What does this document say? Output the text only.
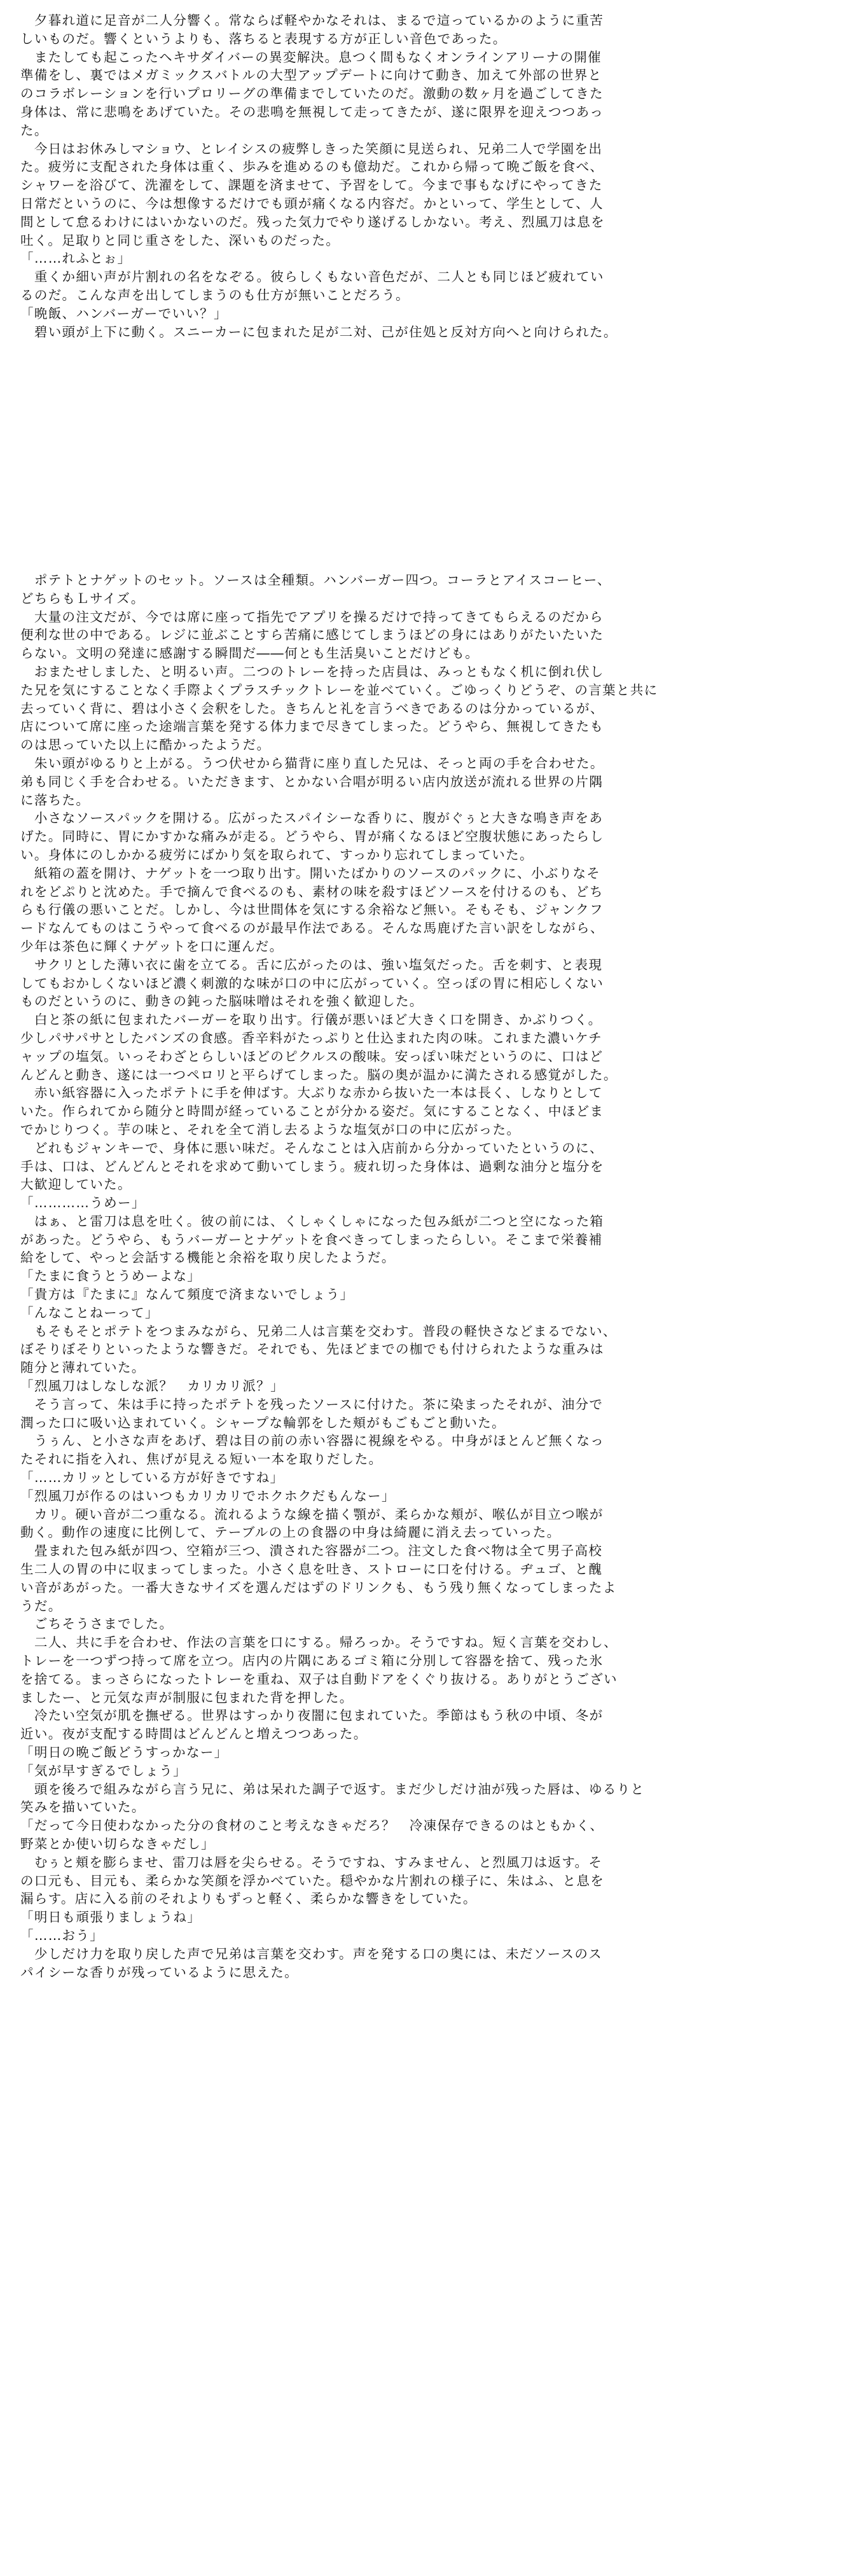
　夕暮れ道に足音が二人分響く。常ならば軽やかなそれは、まるで這っているかのように重苦
しいものだ。響くというよりも、落ちると表現する方が正しい音色であった。
　またしても起こったヘキサダイバーの異変解決。息つく間もなくオンラインアリーナの開催
準備をし、裏ではメガミックスバトルの大型アップデートに向けて動き、加えて外部の世界と
のコラボレーションを行いプロリーグの準備までしていたのだ。激動の数ヶ月を過ごしてきた
身体は、常に悲鳴をあげていた。その悲鳴を無視して走ってきたが、遂に限界を迎えつつあっ
た。
　今日はお休みしマショウ、とレイシスの疲弊しきった笑顔に見送られ、兄弟二人で学園を出
た。疲労に支配された身体は重く、歩みを進めるのも億劫だ。これから帰って晩ご飯を食べ、
シャワーを浴びて、洗濯をして、課題を済ませて、予習をして。今まで事もなげにやってきた
日常だというのに、今は想像するだけでも頭が痛くなる内容だ。かといって、学生として、人
間として怠るわけにはいかないのだ。残った気力でやり遂げるしかない。考え、烈風刀は息を
吐く。足取りと同じ重さをした、深いものだった。
「……れふとぉ」
　重くか細い声が片割れの名をなぞる。彼らしくもない音色だが、二人とも同じほど疲れてい
るのだ。こんな声を出してしまうのも仕方が無いことだろう。
「晩飯、ハンバーガーでいい？」
　碧い頭が上下に動く。スニーカーに包まれた足が二対、己が住処と反対方向へと向けられた。
　ポテトとナゲットのセット。ソースは全種類。ハンバーガー四つ。コーラとアイスコーヒー、
どちらもＬサイズ。
　大量の注文だが、今では席に座って指先でアプリを操るだけで持ってきてもらえるのだから
便利な世の中である。レジに並ぶことすら苦痛に感じてしまうほどの身にはありがたいたいた
らない。文明の発達に感謝する瞬間だ――何とも生活臭いことだけども。
　おまたせしました、と明るい声。二つのトレーを持った店員は、みっともなく机に倒れ伏し
た兄を気にすることなく手際よくプラスチックトレーを並べていく。ごゆっくりどうぞ、の言葉と共に
去っていく背に、碧は小さく会釈をした。きちんと礼を言うべきであるのは分かっているが、
店について席に座った途端言葉を発する体力まで尽きてしまった。どうやら、無視してきたも
のは思っていた以上に酷かったようだ。
　朱い頭がゆるりと上がる。うつ伏せから猫背に座り直した兄は、そっと両の手を合わせた。
弟も同じく手を合わせる。いただきます、とかない合唱が明るい店内放送が流れる世界の片隅
に落ちた。
　小さなソースパックを開ける。広がったスパイシーな香りに、腹がぐぅと大きな鳴き声をあ
げた。同時に、胃にかすかな痛みが走る。どうやら、胃が痛くなるほど空腹状態にあったらし
い。身体にのしかかる疲労にばかり気を取られて、すっかり忘れてしまっていた。
　紙箱の蓋を開け、ナゲットを一つ取り出す。開いたばかりのソースのパックに、小ぶりなそ
れをどぷりと沈めた。手で摘んで食べるのも、素材の味を殺すほどソースを付けるのも、どち
らも行儀の悪いことだ。しかし、今は世間体を気にする余裕など無い。そもそも、ジャンクフ
ードなんてものはこうやって食べるのが最早作法である。そんな馬鹿げた言い訳をしながら、
少年は茶色に輝くナゲットを口に運んだ。
　サクリとした薄い衣に歯を立てる。舌に広がったのは、強い塩気だった。舌を刺す、と表現
してもおかしくないほど濃く刺激的な味が口の中に広がっていく。空っぽの胃に相応しくない
ものだというのに、動きの鈍った脳味噌はそれを強く歓迎した。
　白と茶の紙に包まれたバーガーを取り出す。行儀が悪いほど大きく口を開き、かぶりつく。
少しパサパサとしたバンズの食感。香辛料がたっぷりと仕込まれた肉の味。これまた濃いケチ
ャップの塩気。いっそわざとらしいほどのピクルスの酸味。安っぽい味だというのに、口はど
んどんと動き、遂には一つペロリと平らげてしまった。脳の奥が温かに満たされる感覚がした。
　赤い紙容器に入ったポテトに手を伸ばす。大ぶりな赤から抜いた一本は長く、しなりとして
いた。作られてから随分と時間が経っていることが分かる姿だ。気にすることなく、中ほどま
でかじりつく。芋の味と、それを全て消し去るような塩気が口の中に広がった。
　どれもジャンキーで、身体に悪い味だ。そんなことは入店前から分かっていたというのに、
手は、口は、どんどんとそれを求めて動いてしまう。疲れ切った身体は、過剰な油分と塩分を
大歓迎していた。
「…………うめー」
　はぁ、と雷刀は息を吐く。彼の前には、くしゃくしゃになった包み紙が二つと空になった箱
があった。どうやら、もうバーガーとナゲットを食べきってしまったらしい。そこまで栄養補
給をして、やっと会話する機能と余裕を取り戻したようだ。
「たまに食うとうめーよな」
「貴方は『たまに』なんて頻度で済まないでしょう」
「んなことねーって」
　もそもそとポテトをつまみながら、兄弟二人は言葉を交わす。普段の軽快さなどまるでない、
ぼそりぼそりといったような響きだ。それでも、先ほどまでの枷でも付けられたような重みは
随分と薄れていた。
「烈風刀はしなしな派？　カリカリ派？」
　そう言って、朱は手に持ったポテトを残ったソースに付けた。茶に染まったそれが、油分で
潤った口に吸い込まれていく。シャープな輪郭をした頬がもごもごと動いた。
　うぅん、と小さな声をあげ、碧は目の前の赤い容器に視線をやる。中身がほとんど無くなっ
たそれに指を入れ、焦げが見える短い一本を取りだした。
「……カリッとしている方が好きですね」
「烈風刀が作るのはいつもカリカリでホクホクだもんなー」
　カリ。硬い音が二つ重なる。流れるような線を描く顎が、柔らかな頬が、喉仏が目立つ喉が
動く。動作の速度に比例して、テーブルの上の食器の中身は綺麗に消え去っていった。
　畳まれた包み紙が四つ、空箱が三つ、潰された容器が二つ。注文した食べ物は全て男子高校
生二人の胃の中に収まってしまった。小さく息を吐き、ストローに口を付ける。ヂュゴ、と醜
い音があがった。一番大きなサイズを選んだはずのドリンクも、もう残り無くなってしまったよ
うだ。
　ごちそうさまでした。
　二人、共に手を合わせ、作法の言葉を口にする。帰ろっか。そうですね。短く言葉を交わし、
トレーを一つずつ持って席を立つ。店内の片隅にあるゴミ箱に分別して容器を捨て、残った氷
を捨てる。まっさらになったトレーを重ね、双子は自動ドアをくぐり抜ける。ありがとうござい
ましたー、と元気な声が制服に包まれた背を押した。
　冷たい空気が肌を撫ぜる。世界はすっかり夜闇に包まれていた。季節はもう秋の中頃、冬が
近い。夜が支配する時間はどんどんと増えつつあった。
「明日の晩ご飯どうすっかなー」
「気が早すぎるでしょう」
　頭を後ろで組みながら言う兄に、弟は呆れた調子で返す。まだ少しだけ油が残った唇は、ゆるりと
笑みを描いていた。
「だって今日使わなかった分の食材のこと考えなきゃだろ？　冷凍保存できるのはともかく、
野菜とか使い切らなきゃだし」
　むぅと頬を膨らませ、雷刀は唇を尖らせる。そうですね、すみません、と烈風刀は返す。そ
の口元も、目元も、柔らかな笑顔を浮かべていた。穏やかな片割れの様子に、朱はふ、と息を
漏らす。店に入る前のそれよりもずっと軽く、柔らかな響きをしていた。
「明日も頑張りましょうね」
「……おう」
　少しだけ力を取り戻した声で兄弟は言葉を交わす。声を発する口の奥には、未だソースのス
パイシーな香りが残っているように思えた。
